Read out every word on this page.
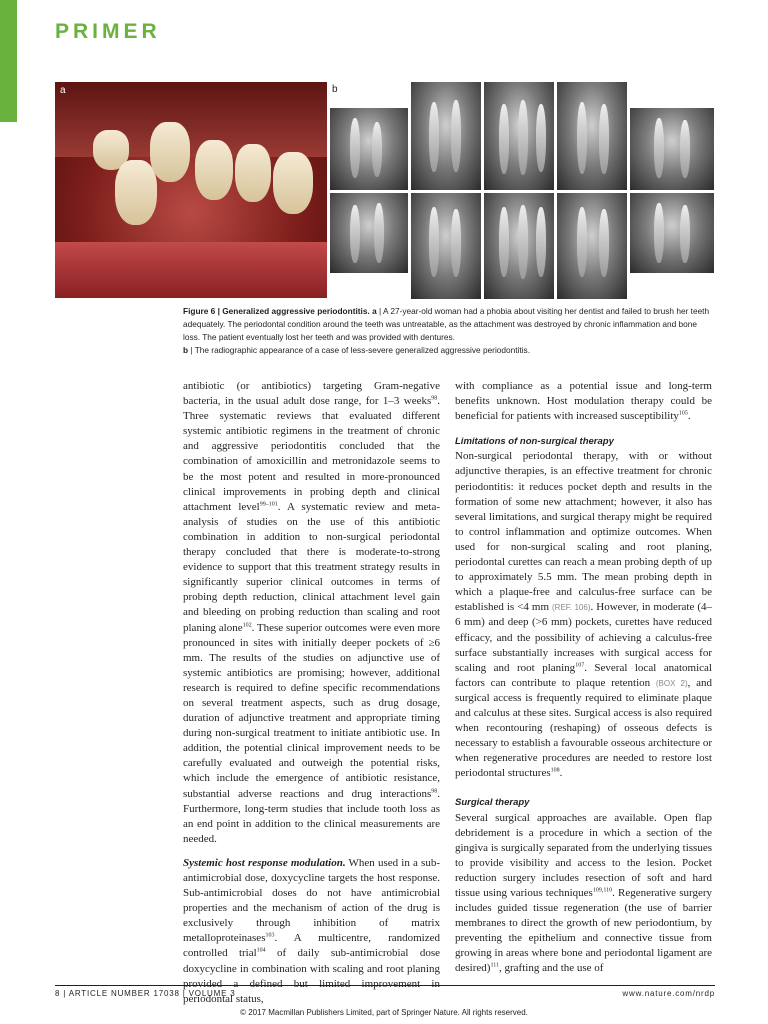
PRIMER
a	b

Figure 6 | Generalized aggressive periodontitis. a | A 27-year-old woman had a phobia about visiting her dentist and failed to brush her teeth adequately. The periodontal condition around the teeth was untreatable, as the attachment was destroyed by chronic inflammation and bone loss. The patient eventually lost her teeth and was provided with dentures.

b | The radiographic appearance of a case of less-severe generalized aggressive periodontitis.

antibiotic (or antibiotics) targeting Gram-negative bacteria, in the usual adult dose range, for 1–3 weeks$^{98}$. Three systematic reviews that evaluated different systemic antibiotic regimens in the treatment of chronic and aggressive periodontitis concluded that the combination of amoxicillin and metronidazole seems to be the most potent and resulted in more-pronounced clinical improvements in probing depth and clinical attachment level$^{99-101}$. A systematic review and meta-analysis of studies on the use of this antibiotic combination in addition to non-surgical periodontal therapy concluded that there is moderate-to-strong evidence to support that this treatment strategy results in significantly superior clinical outcomes in terms of probing depth reduction, clinical attachment level gain and bleeding on probing reduction than scaling and root planing alone$^{102}$. These superior outcomes were even more pronounced in sites with initially deeper pockets of ≥6 mm. The results of the studies on adjunctive use of systemic antibiotics are promising; however, additional research is required to define specific recommendations on several treatment aspects, such as drug dosage, duration of adjunctive treatment and appropriate timing during non-surgical treatment to initiate antibiotic use. In addition, the potential clinical improvement needs to be carefully evaluated and outweigh the potential risks, which include the emergence of antibiotic resistance, substantial adverse reactions and drug interactions$^{98}$. Furthermore, long-term studies that include tooth loss as an end point in addition to the clinical measurements are needed.

Systemic host response modulation. When used in a sub-antimicrobial dose, doxycycline targets the host response. Sub-antimicrobial doses do not have antimicrobial properties and the mechanism of action of the drug is exclusively through inhibition of matrix metalloproteinases$^{103}$. A multicentre, randomized controlled trial$^{104}$ of daily sub-antimicrobial dose doxycycline in combination with scaling and root planing provided a defined but limited improvement in periodontal status,

with compliance as a potential issue and long-term benefits unknown. Host modulation therapy could be beneficial for patients with increased susceptibility$^{105}$.

Limitations of non-surgical therapy

Non-surgical periodontal therapy, with or without adjunctive therapies, is an effective treatment for chronic periodontitis: it reduces pocket depth and results in the formation of some new attachment; however, it also has several limitations, and surgical therapy might be required to control inflammation and optimize outcomes. When used for non-surgical scaling and root planing, periodontal curettes can reach a mean probing depth of up to approximately 5.5 mm. The mean probing depth in which a plaque-free and calculus-free surface can be established is <4 mm (REF. 106). However, in moderate (4–6 mm) and deep (>6 mm) pockets, curettes have reduced efficacy, and the possibility of achieving a calculus-free surface substantially increases with surgical access for scaling and root planing$^{107}$. Several local anatomical factors can contribute to plaque retention (BOX 2), and surgical access is frequently required to eliminate plaque and calculus at these sites. Surgical access is also required when recontouring (reshaping) of osseous defects is necessary to establish a favourable osseous architecture or when regenerative procedures are needed to restore lost periodontal structures$^{108}$.

Surgical therapy

Several surgical approaches are available. Open flap debridement is a procedure in which a section of the gingiva is surgically separated from the underlying tissues to provide visibility and access to the lesion. Pocket reduction surgery includes resection of soft and hard tissue using various techniques$^{109,110}$. Regenerative surgery includes guided tissue regeneration (the use of barrier membranes to direct the growth of new periodontium, by preventing the epithelium and connective tissue from growing in areas where bone and periodontal ligament are desired)$^{111}$, grafting and the use of

8 | ARTICLE NUMBER 17038 | VOLUME 3	www.nature.com/nrdp
© 2017 Macmillan Publishers Limited, part of Springer Nature. All rights reserved.
